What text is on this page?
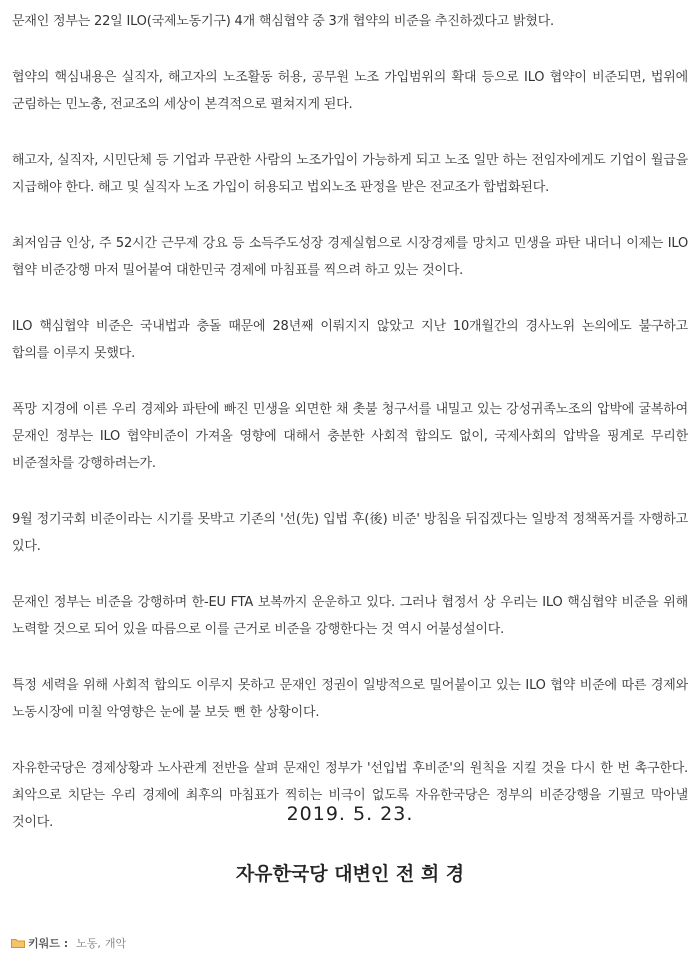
문재인 정부는 22일 ILO(국제노동기구) 4개 핵심협약 중 3개 협약의 비준을 추진하겠다고 밝혔다.

협약의 핵심내용은 실직자, 해고자의 노조활동 허용, 공무원 노조 가입범위의 확대 등으로 ILO 협약이 비준되면, 법위에 군림하는 민노총, 전교조의 세상이 본격적으로 펼쳐지게 된다.

해고자, 실직자, 시민단체 등 기업과 무관한 사람의 노조가입이 가능하게 되고 노조 일만 하는 전임자에게도 기업이 월급을 지급해야 한다. 해고 및 실직자 노조 가입이 허용되고 법외노조 판정을 받은 전교조가 합법화된다.

최저임금 인상, 주 52시간 근무제 강요 등 소득주도성장 경제실험으로 시장경제를 망치고 민생을 파탄 내더니 이제는 ILO 협약 비준강행 마저 밀어붙여 대한민국 경제에 마침표를 찍으려 하고 있는 것이다.

ILO 핵심협약 비준은 국내법과 충돌 때문에 28년째 이뤄지지 않았고 지난 10개월간의 경사노위 논의에도 불구하고 합의를 이루지 못했다.

폭망 지경에 이른 우리 경제와 파탄에 빠진 민생을 외면한 채 촛불 청구서를 내밀고 있는 강성귀족노조의 압박에 굴복하여 문재인 정부는 ILO 협약비준이 가져올 영향에 대해서 충분한 사회적 합의도 없이, 국제사회의 압박을 핑계로 무리한 비준절차를 강행하려는가.

9월 정기국회 비준이라는 시기를 못박고 기존의 '선(先) 입법 후(後) 비준' 방침을 뒤집겠다는 일방적 정책폭거를 자행하고 있다.

문재인 정부는 비준을 강행하며 한-EU FTA 보복까지 운운하고 있다. 그러나 협정서 상 우리는 ILO 핵심협약 비준을 위해 노력할 것으로 되어 있을 따름으로 이를 근거로 비준을 강행한다는 것 역시 어불성설이다.

특정 세력을 위해 사회적 합의도 이루지 못하고 문재인 정권이 일방적으로 밀어붙이고 있는 ILO 협약 비준에 따른 경제와 노동시장에 미칠 악영향은 눈에 불 보듯 뻔 한 상황이다.

자유한국당은 경제상황과 노사관계 전반을 살펴 문재인 정부가 '선입법 후비준'의 원칙을 지킬 것을 다시 한 번 촉구한다. 최악으로 치닫는 우리 경제에 최후의 마침표가 찍히는 비극이 없도록 자유한국당은 정부의 비준강행을 기필코 막아낼 것이다.	2019. 5. 23.
자유한국당 대변인 전 희 경
키워드 : 노동 , 개악
